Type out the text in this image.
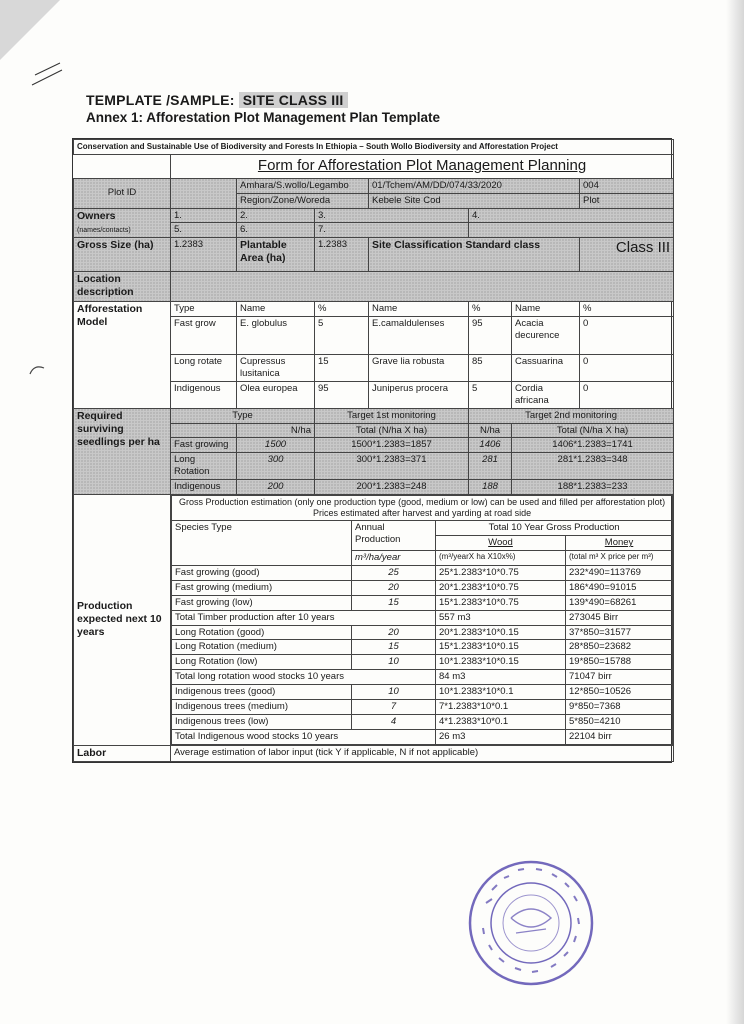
TEMPLATE /SAMPLE: SITE CLASS III
Annex 1: Afforestation Plot Management Plan Template
Conservation and Sustainable Use of Biodiversity and Forests In Ethiopia – South Wollo Biodiversity and Afforestation Project
	Form for Afforestation Plot Management Planning
Plot ID		Amhara/S.wollo/Legambo	01/Tchem/AM/DD/074/33/2020	004
Region/Zone/Woreda	Kebele Site Cod	Plot
Owners
(names/contacts)	1.	2.	3.	4.
5.	6.	7.	
Gross Size (ha)	1.2383	Plantable Area (ha)	1.2383	Site Classification Standard class	Class III
Location description	
Afforestation Model	Type	Name	%	Name	%	Name	%
Fast grow	E. globulus	5	E.camaldulenses	95	Acacia decurence	0
Long rotate	Cupressus lusitanica	15	Grave lia robusta	85	Cassuarina	0
Indigenous	Olea europea	95	Juniperus procera	5	Cordia africana	0
Required surviving seedlings per ha	Type	Target 1st monitoring	Target 2nd monitoring
	N/ha	Total (N/ha X ha)	N/ha	Total (N/ha X ha)
Fast growing	1500	1500*1.2383=1857	1406	1406*1.2383=1741
Long Rotation	300	300*1.2383=371	281	281*1.2383=348
Indigenous	200	200*1.2383=248	188	188*1.2383=233
Production expected next 10 years	
Gross Production estimation (only one production type (good, medium or low) can be used and filled per afforestation plot) Prices estimated after harvest and yarding at road side
Species Type	Annual Production	Total 10 Year Gross Production
Wood	Money
m³/ha/year	(m³/yearX ha X10x%)	(total m³ X price per m³)
Fast growing (good)	25	25*1.2383*10*0.75	232*490=113769
Fast growing (medium)	20	20*1.2383*10*0.75	186*490=91015
Fast growing (low)	15	15*1.2383*10*0.75	139*490=68261
Total Timber production after 10 years	557 m3	273045 Birr
Long Rotation (good)	20	20*1.2383*10*0.15	37*850=31577
Long Rotation (medium)	15	15*1.2383*10*0.15	28*850=23682
Long Rotation (low)	10	10*1.2383*10*0.15	19*850=15788
Total long rotation wood stocks 10 years	84 m3	71047 birr
Indigenous trees (good)	10	10*1.2383*10*0.1	12*850=10526
Indigenous trees (medium)	7	7*1.2383*10*0.1	9*850=7368
Indigenous trees (low)	4	4*1.2383*10*0.1	5*850=4210
Total Indigenous wood stocks 10 years	26 m3	22104 birr

Labor	Average estimation of labor input (tick Y if applicable, N if not applicable)
